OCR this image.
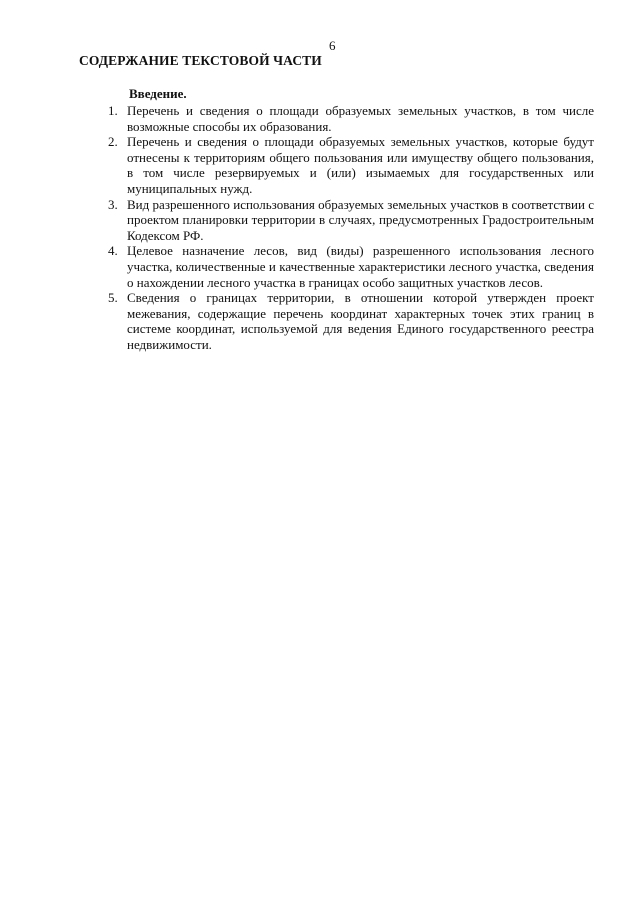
6
СОДЕРЖАНИЕ ТЕКСТОВОЙ ЧАСТИ
Введение.
1. Перечень и сведения о площади образуемых земельных участков, в том числе возможные способы их образования.
2. Перечень и сведения о площади образуемых земельных участков, которые будут отнесены к территориям общего пользования или имуществу общего пользования, в том числе резервируемых и (или) изымаемых для государственных или муниципальных нужд.
3. Вид разрешенного использования образуемых земельных участков в соответствии с проектом планировки территории в случаях, предусмотренных Градостроительным Кодексом РФ.
4. Целевое назначение лесов, вид (виды) разрешенного использования лесного участка, количественные и качественные характеристики лесного участка, сведения о нахождении лесного участка в границах особо защитных участков лесов.
5. Сведения о границах территории, в отношении которой утвержден проект межевания, содержащие перечень координат характерных точек этих границ в системе координат, используемой для ведения Единого государственного реестра недвижимости.
